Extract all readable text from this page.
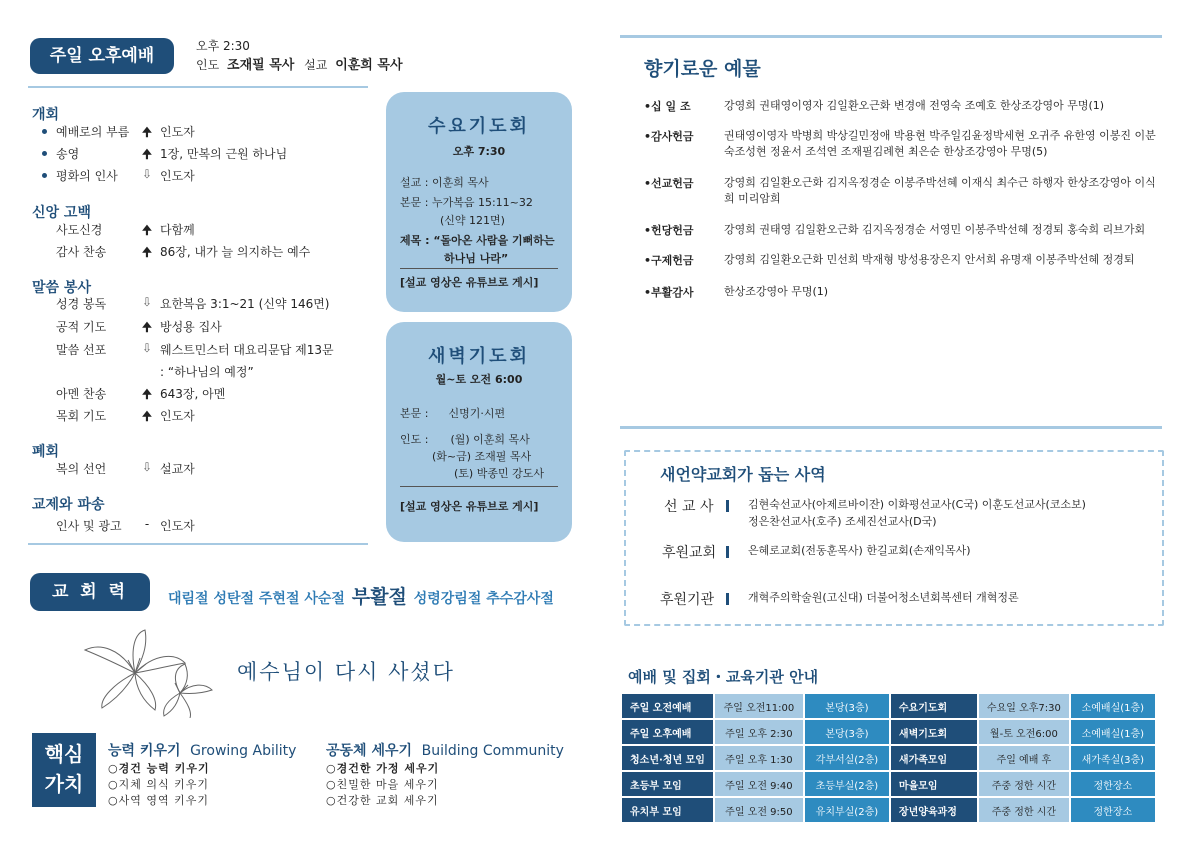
주일 오후예배	오후 2:30
인도 조재필 목사 설교 이훈희 목사
개회
예배로의 부름 🠉 인도자
송영	🠉 1장, 만복의 근원 하나님
평화의 인사 ⇩ 인도자
신앙 고백
사도신경	🠉 다함께
감사 찬송	🠉 86장, 내가 늘 의지하는 예수
말씀 봉사
성경 봉독	⇩ 요한복음 3:1~21 (신약 146면)
공적 기도	🠉 방성용 집사
말씀 선포	⇩ 웨스트민스터 대요리문답 제13문
: “하나님의 예정”
아멘 찬송	🠉 643장, 아멘
목회 기도	🠉 인도자
폐회
복의 선언	⇩ 설교자
교제와 파송
인사 및 광고	- 인도자
수요기도회
오후 7:30
설교 : 이훈희 목사
본문 : 누가복음 15:11~32
(신약 121면)
제목 : “돌아온 사람을 기뻐하는
하나님 나라”
[설교 영상은 유튜브로 게시]
새벽기도회
월~토 오전 6:00
본문 : 신명기·시편
인도 : (월) 이훈희 목사
(화~금) 조재필 목사
(토) 박종민 강도사
[설교 영상은 유튜브로 게시]
교 회 력	대림절 성탄절 주현절 사순절 부활절 성령강림절 추수감사절
예수님이 다시 사셨다
핵심
가치
능력 키우기 Growing Ability
○경건 능력 키우기
○지체 의식 키우기
○사역 영역 키우기
공동체 세우기 Building Community
○경건한 가정 세우기
○친밀한 마을 세우기
○건강한 교회 세우기
향기로운 예물
•십 일 조	강영희 권태영이영자 김일환오근화 변경애 전영숙 조예호 한상조강영아 무명(1)
•감사헌금	권태영이영자 박병희 박상길민정애 박용현 박주일김윤정박세현 오귀주 유한영 이봉진 이분숙조성현 정윤서 조석연 조재필김례현 최은순 한상조강영아 무명(5)
•선교헌금	강영희 김일환오근화 김지옥정경순 이봉주박선혜 이재식 최수근 하행자 한상조강영아 이식희 미리암희
•헌당헌금	강영희 권태영 김일환오근화 김지옥정경순 서영민 이봉주박선혜 정경퇴 홍숙희 리브가회
•구제헌금	강영희 김일환오근화 민선희 박재형 방성용장은지 안서희 유명재 이봉주박선혜 정경퇴
•부활감사	한상조강영아 무명(1)
새언약교회가 돕는 사역
선 교 사	김현숙선교사(아제르바이잔) 이화평선교사(C국) 이훈도선교사(코소보)
정은찬선교사(호주) 조세진선교사(D국)
후원교회	은혜로교회(전동훈목사) 한길교회(손재익목사)
후원기관	개혁주의학술원(고신대) 더불어청소년회복센터 개혁정론
예배 및 집회・교육기관 안내
주일 오전예배	주일 오전11:00	본당(3층)	수요기도회	수요일 오후7:30	소예배실(1층)
주일 오후예배	주일 오후 2:30	본당(3층)	새벽기도회	월-토 오전6:00	소예배실(1층)
청소년·청년 모임	주일 오후 1:30	각부서실(2층)	새가족모임	주일 예배 후	새가족실(3층)
초등부 모임	주일 오전 9:40	초등부실(2층)	마을모임	주중 정한 시간	정한장소
유치부 모임	주일 오전 9:50	유치부실(2층)	장년양육과정	주중 정한 시간	정한장소
